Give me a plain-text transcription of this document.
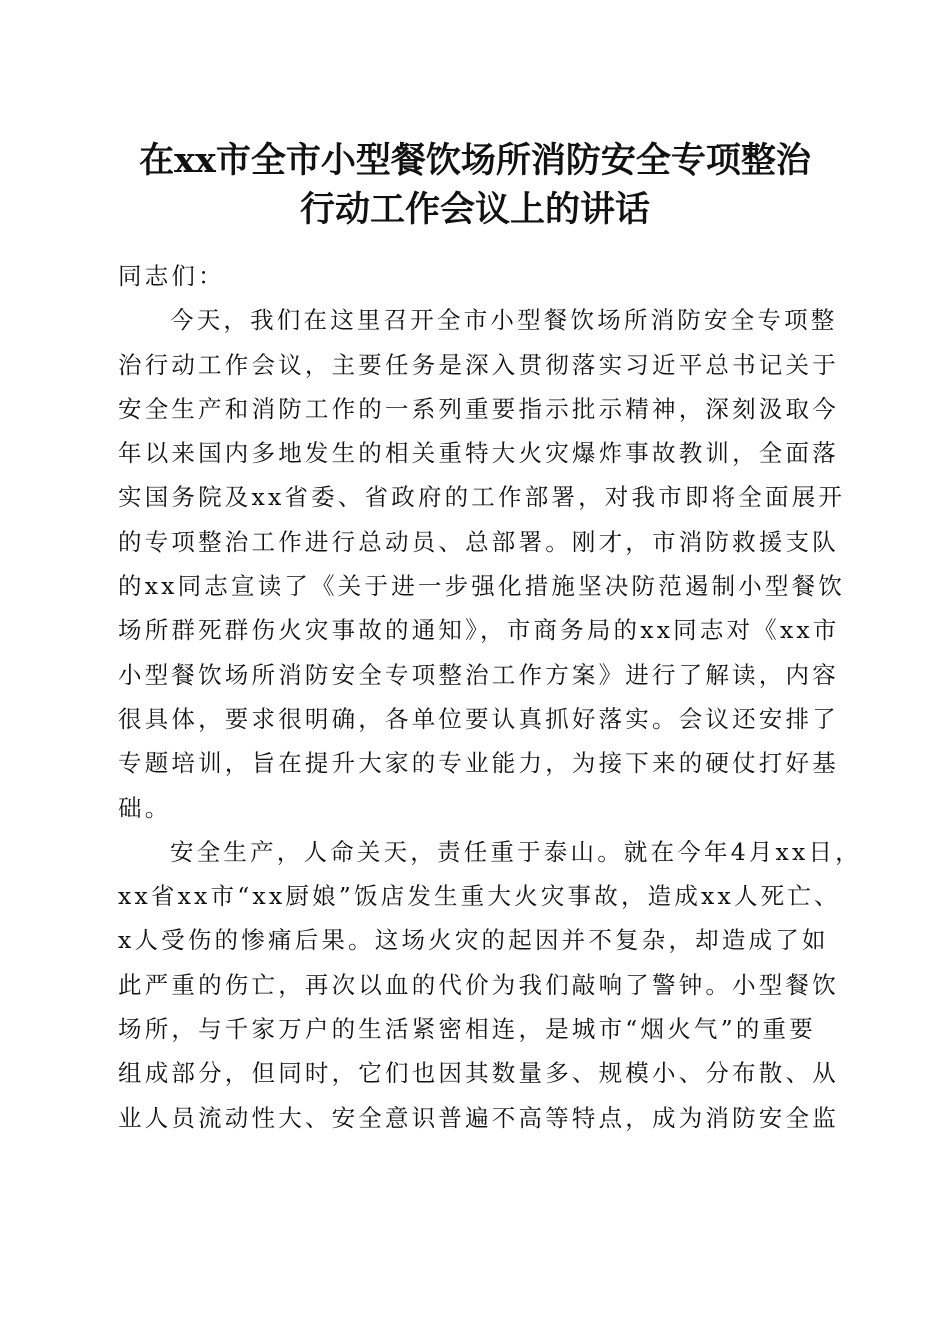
在xx市全市小型餐饮场所消防安全专项整治
行动工作会议上的讲话
同志们：
今天，我们在这里召开全市小型餐饮场所消防安全专项整
治行动工作会议，主要任务是深入贯彻落实习近平总书记关于
安全生产和消防工作的一系列重要指示批示精神，深刻汲取今
年以来国内多地发生的相关重特大火灾爆炸事故教训，全面落
实国务院及xx省委、省政府的工作部署，对我市即将全面展开
的专项整治工作进行总动员、总部署。刚才，市消防救援支队
的xx同志宣读了《关于进一步强化措施坚决防范遏制小型餐饮
场所群死群伤火灾事故的通知》，市商务局的xx同志对《xx市
小型餐饮场所消防安全专项整治工作方案》进行了解读，内容
很具体，要求很明确，各单位要认真抓好落实。会议还安排了
专题培训，旨在提升大家的专业能力，为接下来的硬仗打好基
础。
安全生产，人命关天，责任重于泰山。就在今年4月xx日，
xx省xx市“xx厨娘”饭店发生重大火灾事故，造成xx人死亡、
x人受伤的惨痛后果。这场火灾的起因并不复杂，却造成了如
此严重的伤亡，再次以血的代价为我们敲响了警钟。小型餐饮
场所，与千家万户的生活紧密相连，是城市“烟火气”的重要
组成部分，但同时，它们也因其数量多、规模小、分布散、从
业人员流动性大、安全意识普遍不高等特点，成为消防安全监
